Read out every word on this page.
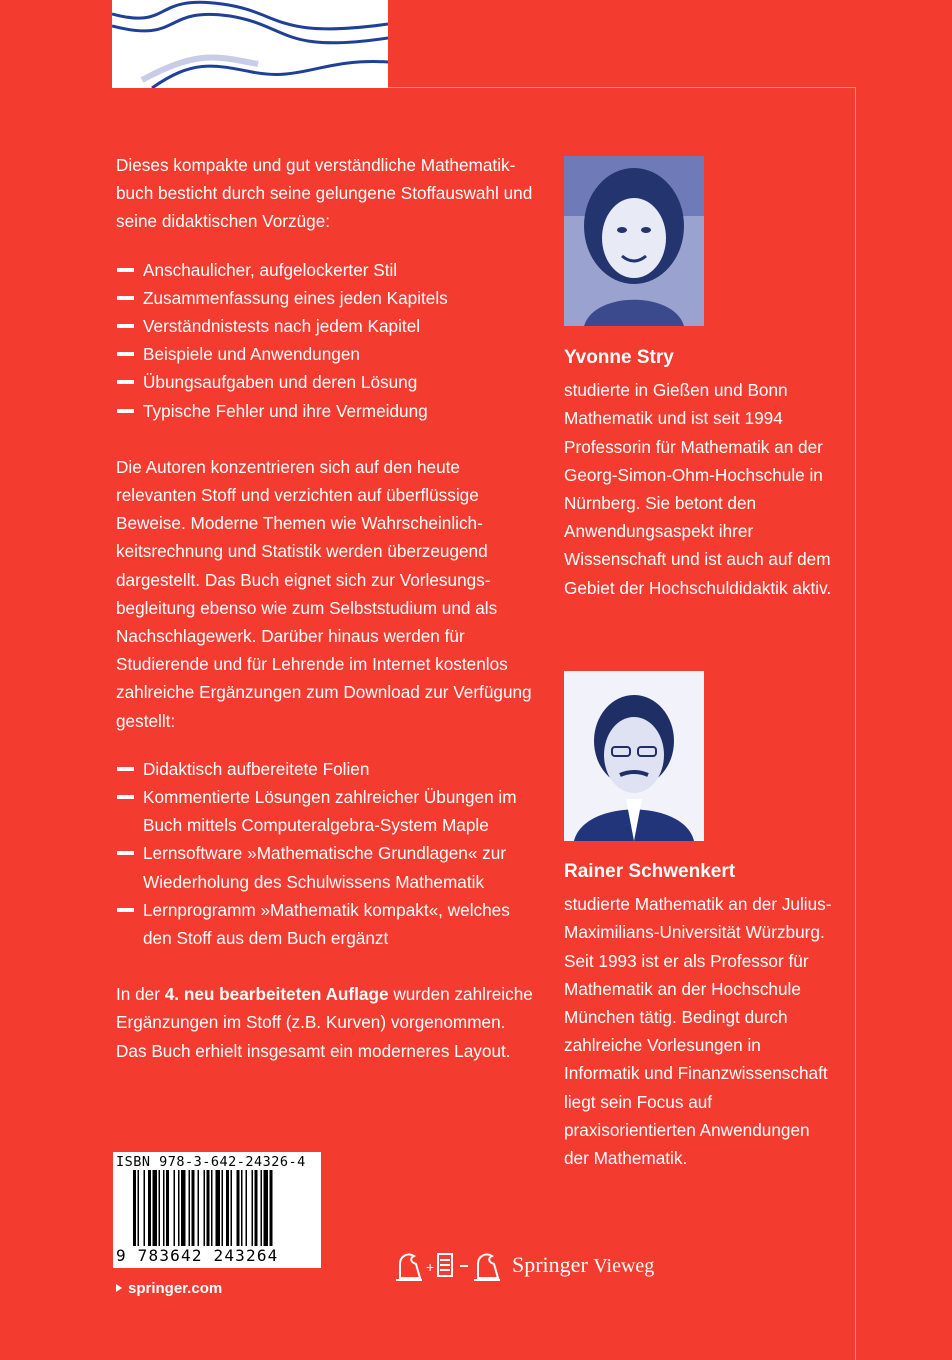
Dieses kompakte und gut verständliche Mathematikbuch besticht durch seine gelungene Stoffauswahl und seine didaktischen Vorzüge:

Anschaulicher, aufgelockerter Stil
Zusammenfassung eines jeden Kapitels
Verständnistests nach jedem Kapitel
Beispiele und Anwendungen
Übungsaufgaben und deren Lösung
Typische Fehler und ihre Vermeidung

Die Autoren konzentrieren sich auf den heute relevanten Stoff und verzichten auf überflüssige Beweise. Moderne Themen wie Wahrscheinlichkeitsrechnung und Statistik werden überzeugend dargestellt. Das Buch eignet sich zur Vorlesungsbegleitung ebenso wie zum Selbststudium und als Nachschlagewerk. Darüber hinaus werden für Studierende und für Lehrende im Internet kostenlos zahlreiche Ergänzungen zum Download zur Verfügung gestellt:

Didaktisch aufbereitete Folien
Kommentierte Lösungen zahlreicher Übungen im Buch mittels Computeralgebra-System Maple
Lernsoftware »Mathematische Grundlagen« zur Wiederholung des Schulwissens Mathematik
Lernprogramm »Mathematik kompakt«, welches den Stoff aus dem Buch ergänzt

In der 4. neu bearbeiteten Auflage wurden zahlreiche Ergänzungen im Stoff (z.B. Kurven) vorgenommen. Das Buch erhielt insgesamt ein moderneres Layout.

Yvonne Stry
studierte in Gießen und Bonn Mathematik und ist seit 1994 Professorin für Mathematik an der Georg-Simon-Ohm-Hochschule in Nürnberg. Sie betont den Anwendungsaspekt ihrer Wissenschaft und ist auch auf dem Gebiet der Hochschuldidaktik aktiv.
Rainer Schwenkert
studierte Mathematik an der Julius-Maximilians-Universität Würzburg. Seit 1993 ist er als Professor für Mathematik an der Hochschule München tätig. Bedingt durch zahlreiche Vorlesungen in Informatik und Finanzwissenschaft liegt sein Focus auf praxisorientierten Anwendungen der Mathematik.
ISBN 978-3-642-24326-4
9 783642 243264
springer.com
+	Springer Vieweg
